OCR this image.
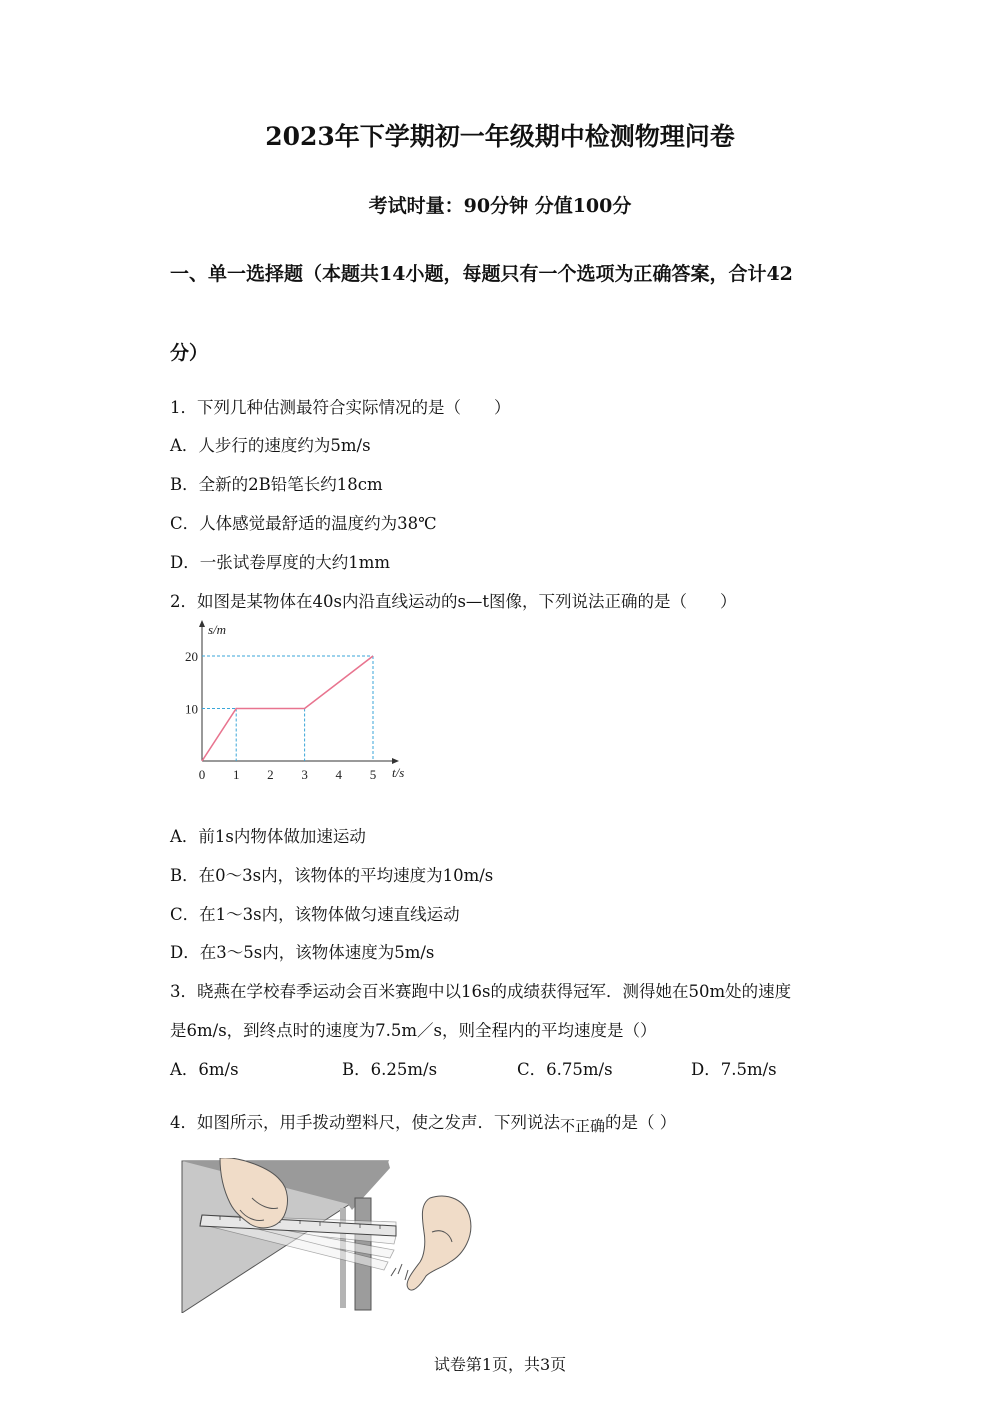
2023年下学期初一年级期中检测物理问卷
考试时量：90分钟 分值100分
一、单一选择题（本题共14小题，每题只有一个选项为正确答案，合计42
分）
1．下列几种估测最符合实际情况的是（　　）
A．人步行的速度约为5m/s
B．全新的2B铅笔长约18cm
C．人体感觉最舒适的温度约为38℃
D．一张试卷厚度的大约1mm
2．如图是某物体在40s内沿直线运动的s—t图像，下列说法正确的是（　　）
0 1 2 3 4 5
10
20
t/s
s/m
A．前1s内物体做加速运动
B．在0～3s内，该物体的平均速度为10m/s
C．在1～3s内，该物体做匀速直线运动
D．在3～5s内，该物体速度为5m/s
3．晓燕在学校春季运动会百米赛跑中以16s的成绩获得冠军．测得她在50m处的速度
是6m/s，到终点时的速度为7.5m／s，则全程内的平均速度是（）
A．6m/s	B．6.25m/s	C．6.75m/s	D．7.5m/s
4．如图所示，用手拨动塑料尺，使之发声．下列说法不正确的是（ ）
试卷第1页，共3页
